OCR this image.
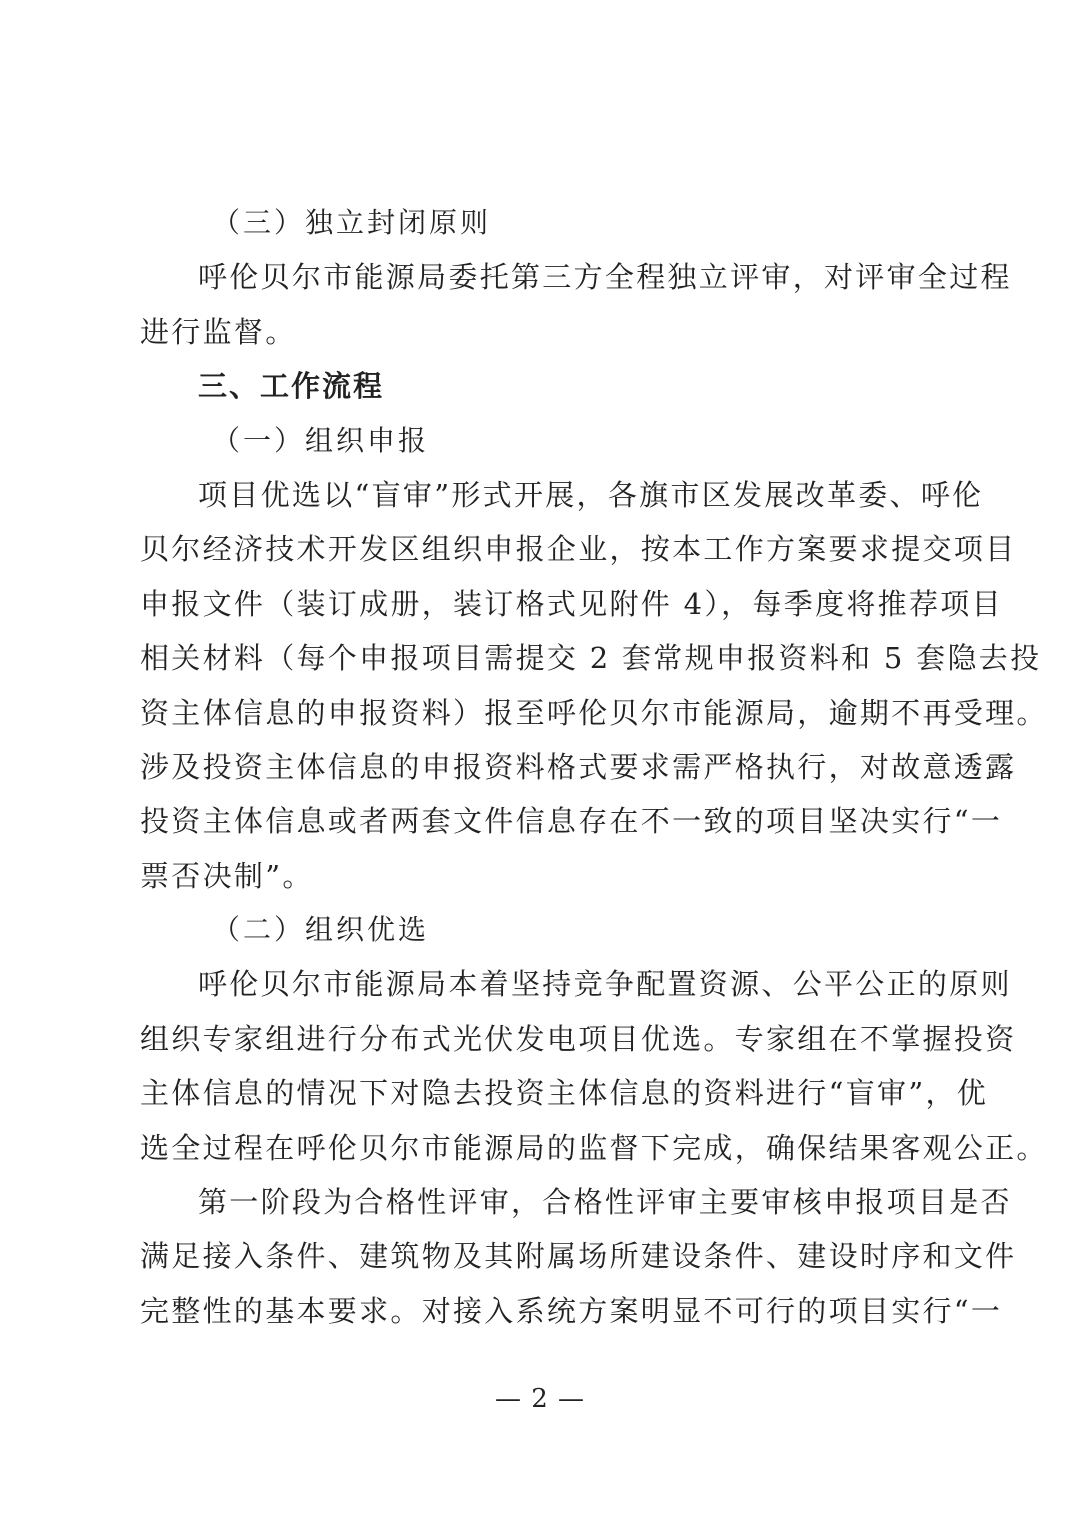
（三）独立封闭原则
呼伦贝尔市能源局委托第三方全程独立评审，对评审全过程
进行监督。
三、工作流程
（一）组织申报
项目优选以“盲审”形式开展，各旗市区发展改革委、呼伦
贝尔经济技术开发区组织申报企业，按本工作方案要求提交项目
申报文件（装订成册，装订格式见附件 4），每季度将推荐项目
相关材料（每个申报项目需提交 2 套常规申报资料和 5 套隐去投
资主体信息的申报资料）报至呼伦贝尔市能源局，逾期不再受理。
涉及投资主体信息的申报资料格式要求需严格执行，对故意透露
投资主体信息或者两套文件信息存在不一致的项目坚决实行“一
票否决制”。
（二）组织优选
呼伦贝尔市能源局本着坚持竞争配置资源、公平公正的原则
组织专家组进行分布式光伏发电项目优选。专家组在不掌握投资
主体信息的情况下对隐去投资主体信息的资料进行“盲审”，优
选全过程在呼伦贝尔市能源局的监督下完成，确保结果客观公正。
第一阶段为合格性评审，合格性评审主要审核申报项目是否
满足接入条件、建筑物及其附属场所建设条件、建设时序和文件
完整性的基本要求。对接入系统方案明显不可行的项目实行“一
— 2 —
